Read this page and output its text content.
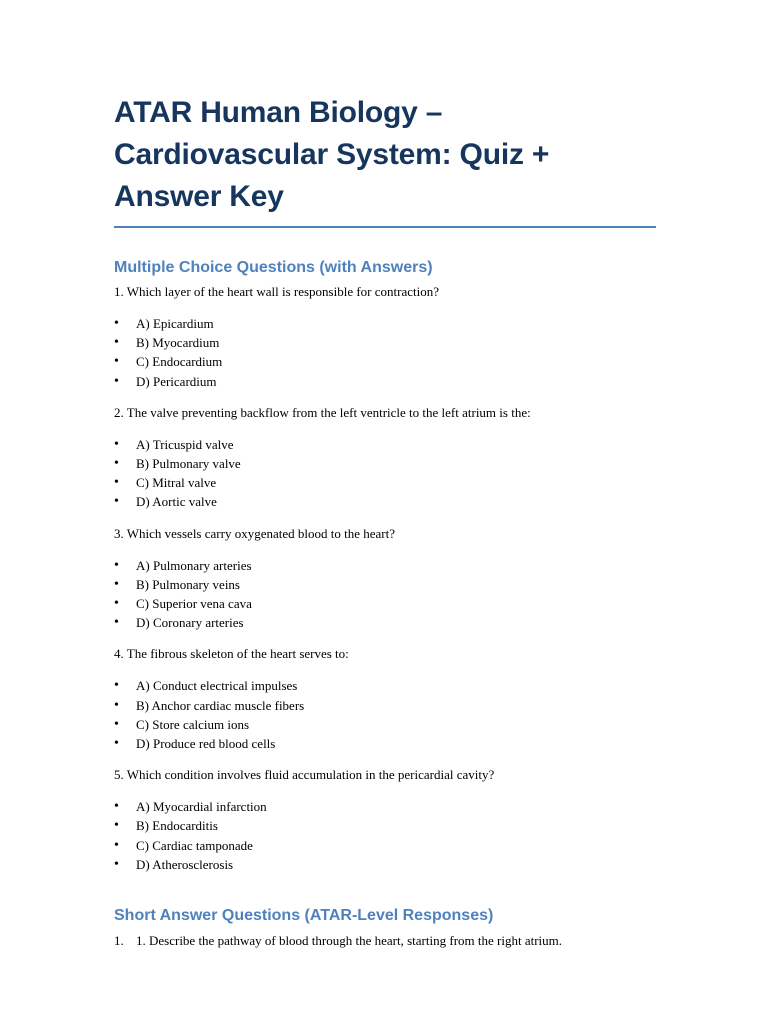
ATAR Human Biology – Cardiovascular System: Quiz + Answer Key
Multiple Choice Questions (with Answers)

1. Which layer of the heart wall is responsible for contraction?

• A) Epicardium
• B) Myocardium
• C) Endocardium
• D) Pericardium

2. The valve preventing backflow from the left ventricle to the left atrium is the:

• A) Tricuspid valve
• B) Pulmonary valve
• C) Mitral valve
• D) Aortic valve

3. Which vessels carry oxygenated blood to the heart?

• A) Pulmonary arteries
• B) Pulmonary veins
• C) Superior vena cava
• D) Coronary arteries

4. The fibrous skeleton of the heart serves to:

• A) Conduct electrical impulses
• B) Anchor cardiac muscle fibers
• C) Store calcium ions
• D) Produce red blood cells

5. Which condition involves fluid accumulation in the pericardial cavity?

• A) Myocardial infarction
• B) Endocarditis
• C) Cardiac tamponade
• D) Atherosclerosis
Short Answer Questions (ATAR-Level Responses)
1. 1. Describe the pathway of blood through the heart, starting from the right atrium.
